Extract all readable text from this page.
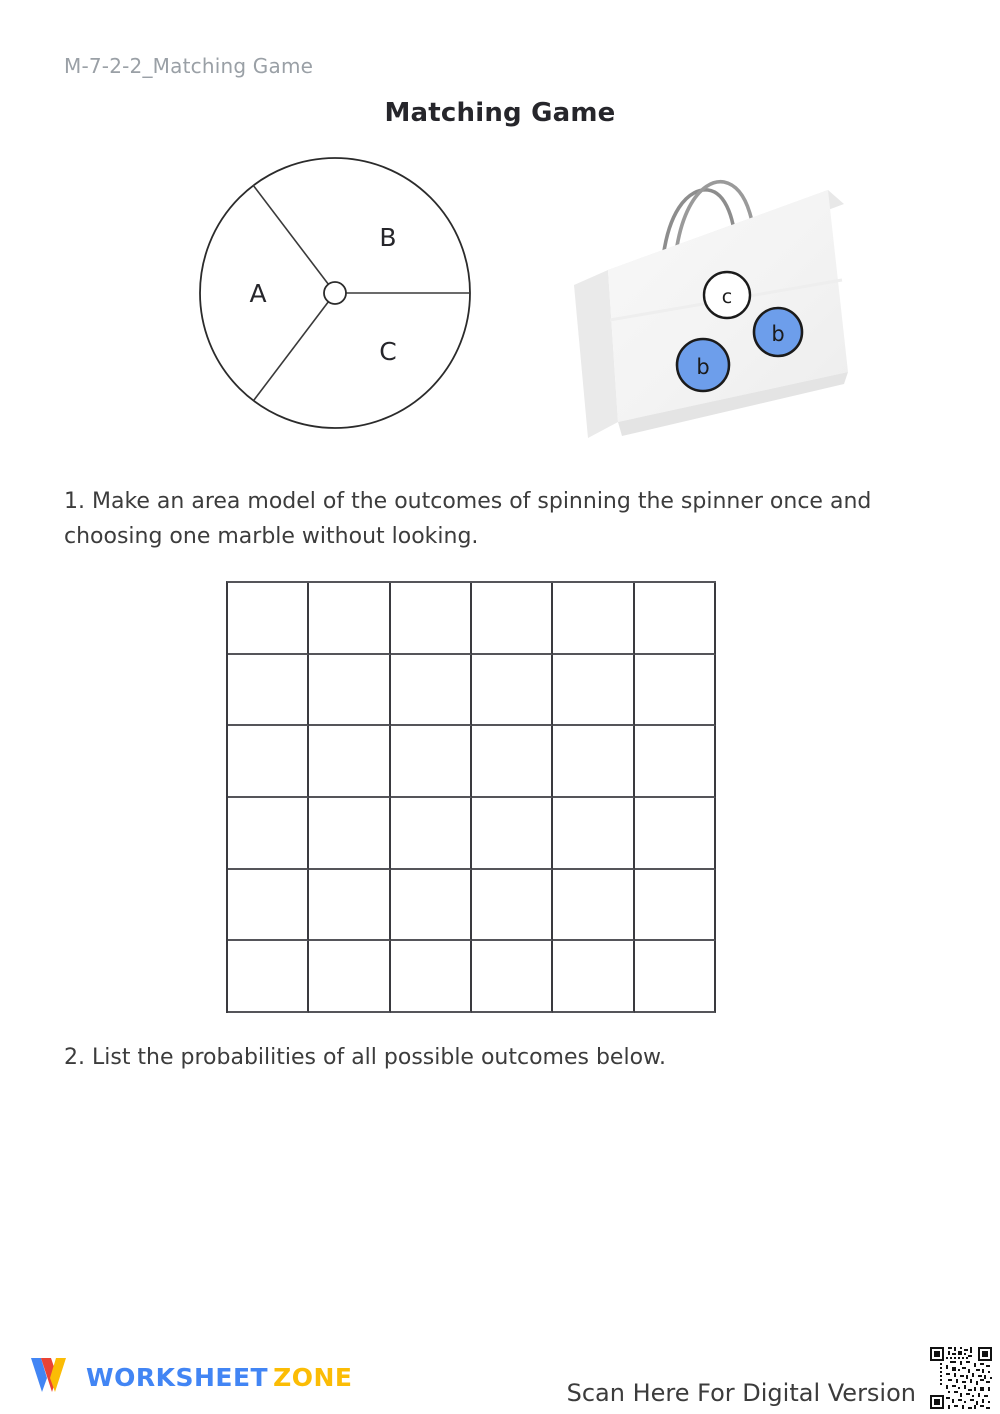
M-7-2-2_Matching Game
Matching Game
A
B
C
c
b
b
1. Make an area model of the outcomes of spinning the spinner once and choosing one marble without looking.
2. List the probabilities of all possible outcomes below.
WORKSHEET ZONE
Scan Here For Digital Version
